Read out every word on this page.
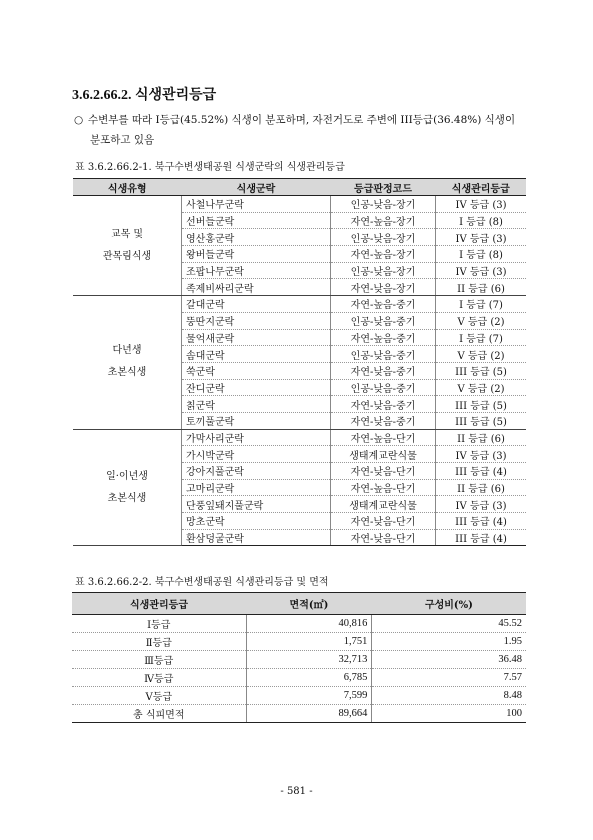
3.6.2.66.2. 식생관리등급
○ 수변부를 따라 I등급(45.52%) 식생이 분포하며, 자전거도로 주변에 III등급(36.48%) 식생이
분포하고 있음
표 3.6.2.66.2-1. 북구수변생태공원 식생군락의 식생관리등급
식생유형	식생군락	등급판정코드	식생관리등급

교목 및
관목림식생	사철나무군락	인공-낮음-장기	IV 등급 (3)
	선버들군락	자연-높음-장기	I 등급 (8)
	영산홍군락	인공-낮음-장기	IV 등급 (3)
	왕버들군락	자연-높음-장기	I 등급 (8)
	조팝나무군락	인공-낮음-장기	IV 등급 (3)
	족제비싸리군락	자연-낮음-장기	II 등급 (6)

다년생
초본식생	갈대군락	자연-높음-중기	I 등급 (7)
	뚱딴지군락	인공-낮음-중기	V 등급 (2)
	물억새군락	자연-높음-중기	I 등급 (7)
	솜대군락	인공-낮음-중기	V 등급 (2)
	쑥군락	자연-낮음-중기	III 등급 (5)
	잔디군락	인공-낮음-중기	V 등급 (2)
	칡군락	자연-낮음-중기	III 등급 (5)
	토끼풀군락	자연-낮음-중기	III 등급 (5)

일·이년생
초본식생	가막사리군락	자연-높음-단기	II 등급 (6)
	가시박군락	생태계교란식물	IV 등급 (3)
	강아지풀군락	자연-낮음-단기	III 등급 (4)
	고마리군락	자연-높음-단기	II 등급 (6)
	단풍잎돼지풀군락	생태계교란식물	IV 등급 (3)
	망초군락	자연-낮음-단기	III 등급 (4)
	환삼덩굴군락	자연-낮음-단기	III 등급 (4)
표 3.6.2.66.2-2. 북구수변생태공원 식생관리등급 및 면적
식생관리등급	면적(㎡)	구성비(%)
Ⅰ등급	40,816	45.52
Ⅱ등급	1,751	1.95
Ⅲ등급	32,713	36.48
Ⅳ등급	6,785	7.57
Ⅴ등급	7,599	8.48
총 식피면적	89,664	100
- 581 -
